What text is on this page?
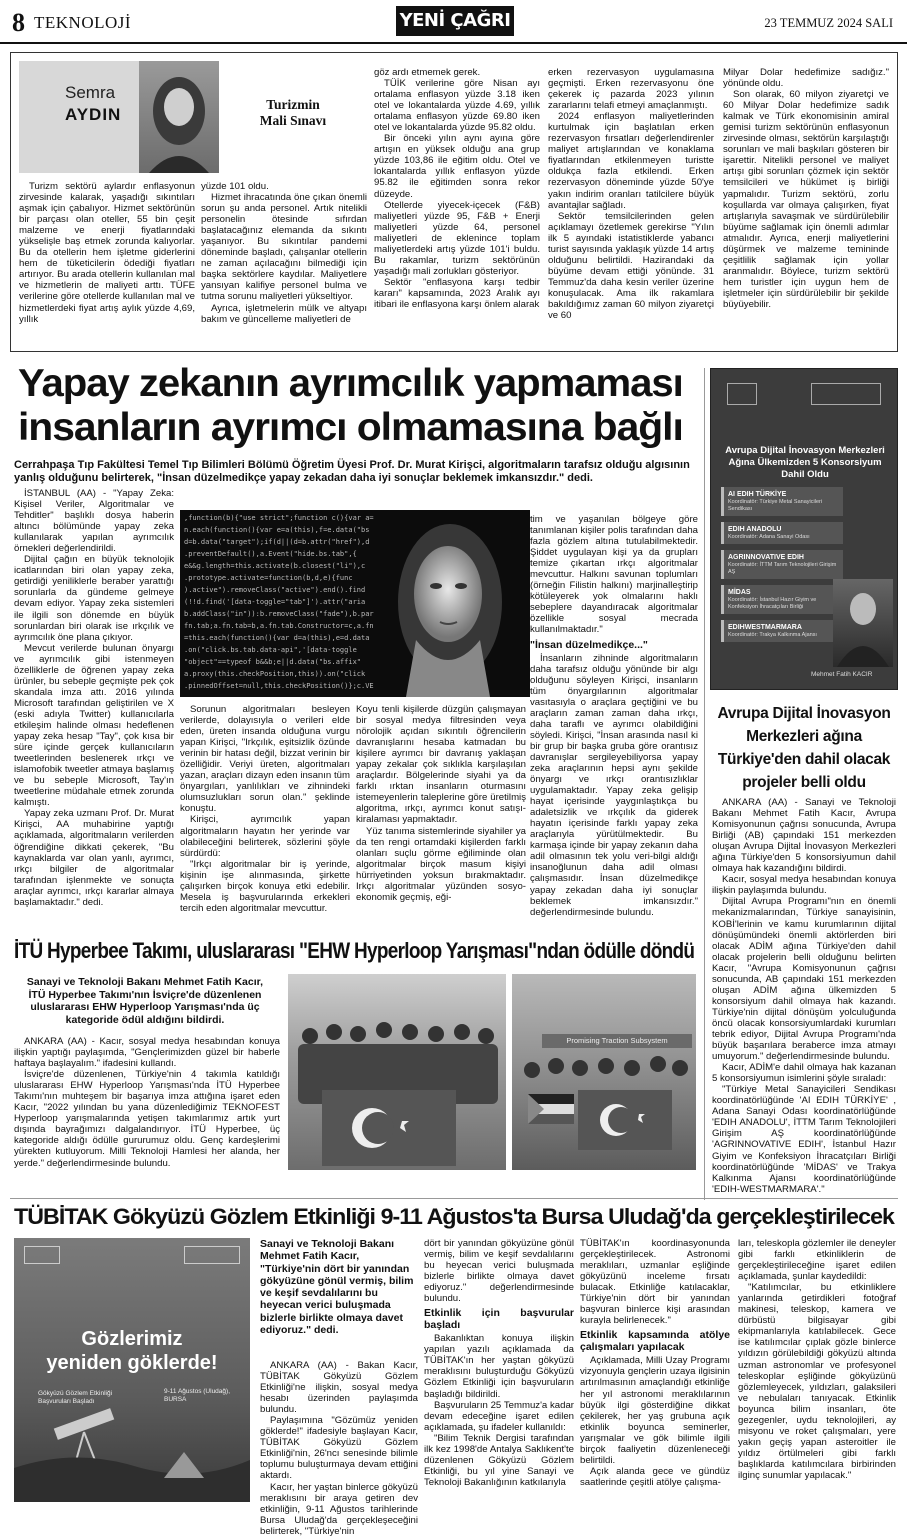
8 TEKNOLOJİ	YENİ ÇAĞRI	23 TEMMUZ 2024 SALI
Semra
AYDIN
Turizmin
Mali Sınavı

Turizm sektörü aylardır enflasyonun zirvesinde kalarak, yaşadığı sıkıntıları aşmak için çabalıyor. Hizmet sektörünün bir parçası olan oteller, 55 bin çeşit malzeme ve enerji fiyatlarındaki yükselişle baş etmek zorunda kalıyorlar. Bu da otellerin hem işletme giderlerini hem de tüketicilerin ödediği fiyatları artırıyor. Bu arada otellerin kullanılan mal ve hizmetlerin de maliyeti arttı. TÜFE verilerine göre otellerde kullanılan mal ve hizmetlerdeki fiyat artış aylık yüzde 4,69, yıllık

yüzde 101 oldu.

Hizmet ihracatında öne çıkan önemli sorun şu anda personel. Artık nitelikli personelin ötesinde sıfırdan başlatacağınız elemanda da sıkıntı yaşanıyor. Bu sıkıntılar pandemi döneminde başladı, çalışanlar otellerin ne zaman açılacağını bilmediği için başka sektörlere kaydılar. Maliyetlere yansıyan kalifiye personel bulma ve tutma sorunu maliyetleri yükseltiyor.

Ayrıca, işletmelerin mülk ve altyapı bakım ve güncelleme maliyetleri de

göz ardı etmemek gerek.

TÜİK verilerine göre Nisan ayı ortalama enflasyon yüzde 3.18 iken otel ve lokantalarda yüzde 4.69, yıllık ortalama enflasyon yüzde 69.80 iken otel ve lokantalarda yüzde 95.82 oldu.

Bir önceki yılın aynı ayına göre artışın en yüksek olduğu ana grup yüzde 103,86 ile eğitim oldu. Otel ve lokantalarda yıllık enflasyon yüzde 95.82 ile eğitimden sonra rekor düzeyde.

Otellerde yiyecek-içecek (F&B) maliyetleri yüzde 95, F&B + Enerji maliyetleri yüzde 64, personel maliyetleri de eklenince toplam maliyetlerdeki artış yüzde 101'i buldu. Bu rakamlar, turizm sektörünün yaşadığı mali zorlukları gösteriyor.

Sektör "enflasyona karşı tedbir kararı" kapsamında, 2023 Aralık ayı itibari ile enflasyona karşı önlem alarak

erken rezervasyon uygulamasına geçmişti. Erken rezervasyonu öne çekerek iç pazarda 2023 yılının zararlarını telafi etmeyi amaçlanmıştı.

2024 enflasyon maliyetlerinden kurtulmak için başlatılan erken rezervasyon fırsatları değerlendirenler maliyet artışlarından ve konaklama fiyatlarından etkilenmeyen turistte oldukça fazla etkilendi. Erken rezervasyon döneminde yüzde 50'ye yakın indirim oranları tatilcilere büyük avantajlar sağladı.

Sektör temsilcilerinden gelen açıklamayı özetlemek gerekirse "Yılın ilk 5 ayındaki istatistiklerde yabancı turist sayısında yaklaşık yüzde 14 artış olduğunu belirtildi. Hazirandaki da büyüme devam ettiği yönünde. 31 Temmuz'da daha kesin veriler üzerine konuşulacak. Ama ilk rakamlara bakıldığımız zaman 60 milyon ziyaretçi ve 60

Milyar Dolar hedefimize sadığız." yönünde oldu.

Son olarak, 60 milyon ziyaretçi ve 60 Milyar Dolar hedefimize sadık kalmak ve Türk ekonomisinin amiral gemisi turizm sektörünün enflasyonun zirvesinde olması, sektörün karşılaştığı sorunları ve mali başkıları gösteren bir işarettir. Nitelikli personel ve maliyet artışı gibi sorunları çözmek için sektör temsilcileri ve hükümet iş birliği yapmalıdır. Turizm sektörü, zorlu koşullarda var olmaya çalışırken, fiyat artışlarıyla savaşmak ve sürdürülebilir büyüme sağlamak için önemli adımlar atmalıdır. Ayrıca, enerji maliyetlerini düşürmek ve malzeme temininde çeşitlilik sağlamak için yollar aranmalıdır. Böylece, turizm sektörü hem turistler için uygun hem de işletmeler için sürdürülebilir bir şekilde büyüyebilir.

Yapay zekanın ayrımcılık yapmaması
insanların ayrımcı olmamasına bağlı
Cerrahpaşa Tıp Fakültesi Temel Tıp Bilimleri Bölümü Öğretim Üyesi Prof. Dr. Murat Kirişci, algoritmaların tarafsız olduğu algısının yanlış olduğunu belirterek, "İnsan düzelmedikçe yapay zekadan daha iyi sonuçlar beklemek imkansızdır." dedi.

İSTANBUL (AA) - "Yapay Zeka: Kişisel Veriler, Algoritmalar ve Tehditler" başlıklı dosya haberin altıncı bölümünde yapay zeka kullanılarak yapılan ayrımcılık örnekleri değerlendirildi.

Dijital çağın en büyük teknolojik icatlarından biri olan yapay zeka, getirdiği yeniliklerle beraber yarattığı sorunlarla da gündeme gelmeye devam ediyor. Yapay zeka sistemleri ile ilgili son dönemde en büyük sorunlardan biri olarak ise ırkçılık ve ayrımcılık öne plana çıkıyor.

Mevcut verilerde bulunan önyargı ve ayrımcılık gibi istenmeyen özelliklerle de öğrenen yapay zeka ürünler, bu sebeple geçmişte pek çok skandala imza attı. 2016 yılında Microsoft tarafından geliştirilen ve X (eski adıyla Twitter) kullanıcılarla etkileşim halinde olması hedeflenen yapay zeka hesap "Tay", çok kısa bir süre içinde gerçek kullanıcıların tweetlerinden beslenerek ırkçı ve islamofobik tweetler atmaya başlamış ve bu sebeple Microsoft, Tay'ın tweetlerine müdahale etmek zorunda kalmıştı.

Yapay zeka uzmanı Prof. Dr. Murat Kirişci, AA muhabirine yaptığı açıklamada, algoritmaların verilerden öğrendiğine dikkati çekerek, "Bu kaynaklarda var olan yanlı, ayrımcı, ırkçı bilgiler de algoritmalar tarafından işlenmekte ve sonuçta araçlar ayrımcı, ırkçı kararlar almaya başlamaktadır." dedi.

,function(b){"use strict";function c(){var a=
n.each(function(){var e=a(this),f=e.data("bs
d=b.data("target");if(d||(d=b.attr("href"),d
.preventDefault(),a.Event("hide.bs.tab",{
e&&g.length=this.activate(b.closest("li"),c
.prototype.activate=function(b,d,e){func
).active").removeClass("active").end().find
(!!d.find('[data-toggle="tab"]').attr("aria
b.addClass("in")):b.removeClass("fade"),b.par
fn.tab;a.fn.tab=b,a.fn.tab.Constructor=c,a.fn
=this.each(function(){var d=a(this),e=d.data
.on("click.bs.tab.data-api",'[data-toggle
"object"==typeof b&&b;e||d.data("bs.affix"
a.proxy(this.checkPosition,this)).on("click
.pinnedOffset=null,this.checkPosition()};c.VE

Sorunun algoritmaları besleyen verilerde, dolayısıyla o verileri elde eden, üreten insanda olduğuna vurgu yapan Kirişci, "Irkçılık, eşitsizlik özünde verinin bir hatası değil, bizzat verinin bir özelliğidir. Veriyi üreten, algoritmaları yazan, araçları dizayn eden insanın tüm önyargıları, yanlılıkları ve zihnindeki olumsuzlukları sorun olan." şeklinde konuştu.

Kirişci, ayrımcılık yapan algoritmaların hayatın her yerinde var olabileceğini belirterek, sözlerini şöyle sürdürdü:

"Irkçı algoritmalar bir iş yerinde, kişinin işe alınmasında, şirkette çalışırken birçok konuya etki edebilir. Mesela iş başvurularında erkekleri tercih eden algoritmalar mevcuttur.

Koyu tenli kişilerde düzgün çalışmayan bir sosyal medya filtresinden veya nörolojik açıdan sıkıntılı öğrencilerin davranışlarını hesaba katmadan bu kişilere ayrımcı bir davranış yaklaşan yapay zekalar çok sıklıkla karşılaşılan araçlardır. Bölgelerinde siyahi ya da farklı ırktan insanların oturmasını istemeyenlerin taleplerine göre üretilmiş algoritma, ırkçı, ayrımcı konut satışı-kiralaması yapmaktadır.

Yüz tanıma sistemlerinde siyahiler ya da ten rengi ortamdaki kişilerden farklı olanları suçlu görme eğiliminde olan algoritmalar birçok masum kişiyi hürriyetinden yoksun bırakmaktadır. Irkçı algoritmalar yüzünden sosyo-ekonomik geçmiş, eği-

tim ve yaşanılan bölgeye göre tanımlanan kişiler polis tarafından daha fazla gözlem altına tutulabilmektedir. Şiddet uygulayan kişi ya da grupları temize çıkartan ırkçı algoritmalar mevcuttur. Halkını savunan toplumları (örneğin Filistin halkını) marjinalleştirip kötüleyerek yok olmalarını haklı sebeplere dayandıracak algoritmalar özellikle sosyal mecrada kullanılmaktadır."

"İnsan düzelmedikçe..."

İnsanların zihninde algoritmaların daha tarafsız olduğu yönünde bir algı olduğunu söyleyen Kirişci, insanların tüm önyargılarının algoritmalar vasıtasıyla o araçlara geçtiğini ve bu araçların zaman zaman daha ırkçı, daha taraflı ve ayrımcı olabildiğini söyledi. Kirişci, "İnsan arasında nasıl ki bir grup bir başka gruba göre orantısız davranışlar sergileyebiliyorsa yapay zeka araçlarının hepsi aynı şekilde önyargı ve ırkçı orantısızlıklar uygulamaktadır. Yapay zeka gelişip hayat içerisinde yaygınlaştıkça bu adaletsizlik ve ırkçılık da giderek hayatın içerisinde farklı yapay zeka araçlarıyla yürütülmektedir. Bu karmaşa içinde bir yapay zekanın daha adil olmasının tek yolu veri-bilgi aldığı insanoğlunun daha adil olması çalışmasıdır. İnsan düzelmedikçe yapay zekadan daha iyi sonuçlar beklemek imkansızdır." değerlendirmesinde bulundu.

Avrupa Dijital İnovasyon Merkezleri Ağına Ülkemizden 5 Konsorsiyum Dahil Oldu
AI EDIH TÜRKİYE
Koordinatör: Türkiye Metal Sanayicileri Sendikası
EDIH ANADOLU
Koordinatör: Adana Sanayi Odası
AGRINNOVATIVE EDIH
Koordinatör: İTTM Tarım Teknolojileri Girişim AŞ
MİDAS
Koordinatör: İstanbul Hazır Giyim ve Konfeksiyon İhracatçıları Birliği
EDIHWESTMARMARA
Koordinatör: Trakya Kalkınma Ajansı
Mehmet Fatih KACIR
Avrupa Dijital İnovasyon Merkezleri ağına Türkiye'den dahil olacak projeler belli oldu

ANKARA (AA) - Sanayi ve Teknoloji Bakanı Mehmet Fatih Kacır, Avrupa Komisyonunun çağrısı sonucunda, Avrupa Birliği (AB) çapındaki 151 merkezden oluşan Avrupa Dijital İnovasyon Merkezleri ağına Türkiye'den 5 konsorsiyumun dahil olmaya hak kazandığını bildirdi.

Kacır, sosyal medya hesabından konuya ilişkin paylaşımda bulundu.

Dijital Avrupa Programı"nın en önemli mekanizmalarından, Türkiye sanayisinin, KOBİ'lerinin ve kamu kurumlarının dijital dönüşümündeki önemli aktörlerden biri olacak ADİM ağına Türkiye'den dahil olacak projelerin belli olduğunu belirten Kacır, "Avrupa Komisyonunun çağrısı sonucunda, AB çapındaki 151 merkezden oluşan ADİM ağına ülkemizden 5 konsorsiyum dahil olmaya hak kazandı. Türkiye'nin dijital dönüşüm yolculuğunda öncü olacak konsorsiyumlardaki kurumları tebrik ediyor, Dijital Avrupa Programı'nda büyük başarılara beraberce imza atmayı umuyorum." değerlendirmesinde bulundu.

Kacır, ADİM'e dahil olmaya hak kazanan 5 konsorsiyumun isimlerini şöyle sıraladı:

"Türkiye Metal Sanayicileri Sendikası koordinatörlüğünde 'AI EDIH TÜRKİYE' , Adana Sanayi Odası koordinatörlüğünde 'EDIH ANADOLU', İTTM Tarım Teknolojileri Girişim AŞ koordinatörlüğünde 'AGRINNOVATIVE EDIH', İstanbul Hazır Giyim ve Konfeksiyon İhracatçıları Birliği koordinatörlüğünde 'MİDAS' ve Trakya Kalkınma Ajansı koordinatörlüğünde 'EDIH-WESTMARMARA'."

İTÜ Hyperbee Takımı, uluslararası "EHW Hyperloop Yarışması"ndan ödülle döndü
Sanayi ve Teknoloji Bakanı Mehmet Fatih Kacır, İTÜ Hyperbee Takımı'nın İsviçre'de düzenlenen uluslararası EHW Hyperloop Yarışması'nda üç kategoride ödül aldığını bildirdi.

ANKARA (AA) - Kacır, sosyal medya hesabından konuya ilişkin yaptığı paylaşımda, "Gençlerimizden güzel bir haberle haftaya başlayalım." ifadesini kullandı.

İsviçre'de düzenlenen, Türkiye'nin 4 takımla katıldığı uluslararası EHW Hyperloop Yarışması'nda İTÜ Hyperbee Takımı'nın muhteşem bir başarıya imza attığına işaret eden Kacır, "2022 yılından bu yana düzenlediğimiz TEKNOFEST Hyperloop yarışmalarında yetişen takımlarımız artık yurt dışında bayrağımızı dalgalandırıyor. İTÜ Hyperbee, üç kategoride aldığı ödülle gururumuz oldu. Genç kardeşlerimi yürekten kutluyorum. Milli Teknoloji Hamlesi her alanda, her yerde." değerlendirmesinde bulundu.

Promising Traction Subsystem
TÜBİTAK Gökyüzü Gözlem Etkinliği 9-11 Ağustos'ta Bursa Uludağ'da gerçekleştirilecek
Gözlerimiz
yeniden göklerde!
Gökyüzü Gözlem Etkinliği Başvuruları Başladı
9-11 Ağustos (Uludağ), BURSA
Sanayi ve Teknoloji Bakanı Mehmet Fatih Kacır, "Türkiye'nin dört bir yanından gökyüzüne gönül vermiş, bilim ve keşif sevdalılarını bu heyecan verici buluşmada bizlerle birlikte olmaya davet ediyoruz." dedi.

ANKARA (AA) - Bakan Kacır, TÜBİTAK Gökyüzü Gözlem Etkinliği'ne ilişkin, sosyal medya hesabı üzerinden paylaşımda bulundu.

Paylaşımına "Gözümüz yeniden göklerde!" ifadesiyle başlayan Kacır, TÜBİTAK Gökyüzü Gözlem Etkinliği'nin, 26'ncı senesinde bilimle toplumu buluşturmaya devam ettiğini aktardı.

Kacır, her yaştan binlerce gökyüzü meraklısını bir araya getiren dev etkinliğin, 9-11 Ağustos tarihlerinde Bursa Uludağ'da gerçekleşeceğini belirterek, "Türkiye'nin

dört bir yanından gökyüzüne gönül vermiş, bilim ve keşif sevdalılarını bu heyecan verici buluşmada bizlerle birlikte olmaya davet ediyoruz." değerlendirmesinde bulundu.

Etkinlik için başvurular başladı

Bakanlıktan konuya ilişkin yapılan yazılı açıklamada da TÜBİTAK'ın her yaştan gökyüzü meraklısını buluşturduğu Gökyüzü Gözlem Etkinliği için başvuruların başladığı bildirildi.

Başvuruların 25 Temmuz'a kadar devam edeceğine işaret edilen açıklamada, şu ifadeler kullanıldı:

"Bilim Teknik Dergisi tarafından ilk kez 1998'de Antalya Saklıkent'te düzenlenen Gökyüzü Gözlem Etkinliği, bu yıl yine Sanayi ve Teknoloji Bakanlığının katkılarıyla

TÜBİTAK'ın koordinasyonunda gerçekleştirilecek. Astronomi meraklıları, uzmanlar eşliğinde gökyüzünü inceleme fırsatı bulacak. Etkinliğe katılacaklar, Türkiye'nin dört bir yanından başvuran binlerce kişi arasından kurayla belirlenecek."

Etkinlik kapsamında atölye çalışmaları yapılacak

Açıklamada, Milli Uzay Programı vizyonuyla gençlerin uzaya ilgisinin artırılmasının amaçlandığı etkinliğe her yıl astronomi meraklılarının büyük ilgi gösterdiğine dikkat çekilerek, her yaş grubuna açık etkinlik boyunca seminerler, yarışmalar ve gök bilimle ilgili birçok faaliyetin düzenleneceği belirtildi.

Açık alanda gece ve gündüz saatlerinde çeşitli atölye çalışma-

ları, teleskopla gözlemler ile deneyler gibi farklı etkinliklerin de gerçekleştirileceğine işaret edilen açıklamada, şunlar kaydedildi:

"Katılımcılar, bu etkinliklere yanlarında getirdikleri fotoğraf makinesi, teleskop, kamera ve dürbüstü bilgisayar gibi ekipmanlarıyla katılabilecek. Gece ise katılımcılar çıplak gözle binlerce yıldızın görülebildiği gökyüzü altında uzman astronomlar ve profesyonel teleskoplar eşliğinde gökyüzünü gözlemleyecek, yıldızları, galaksileri ve nebulaları tanıyacak. Etkinlik boyunca bilim insanları, öte gezegenler, uydu teknolojileri, ay misyonu ve roket çalışmaları, yere yakın geçiş yapan asteroitler ile yıldız örtülmeleri gibi farklı başlıklarda katılımcılara birbirinden ilginç sunumlar yapılacak."
